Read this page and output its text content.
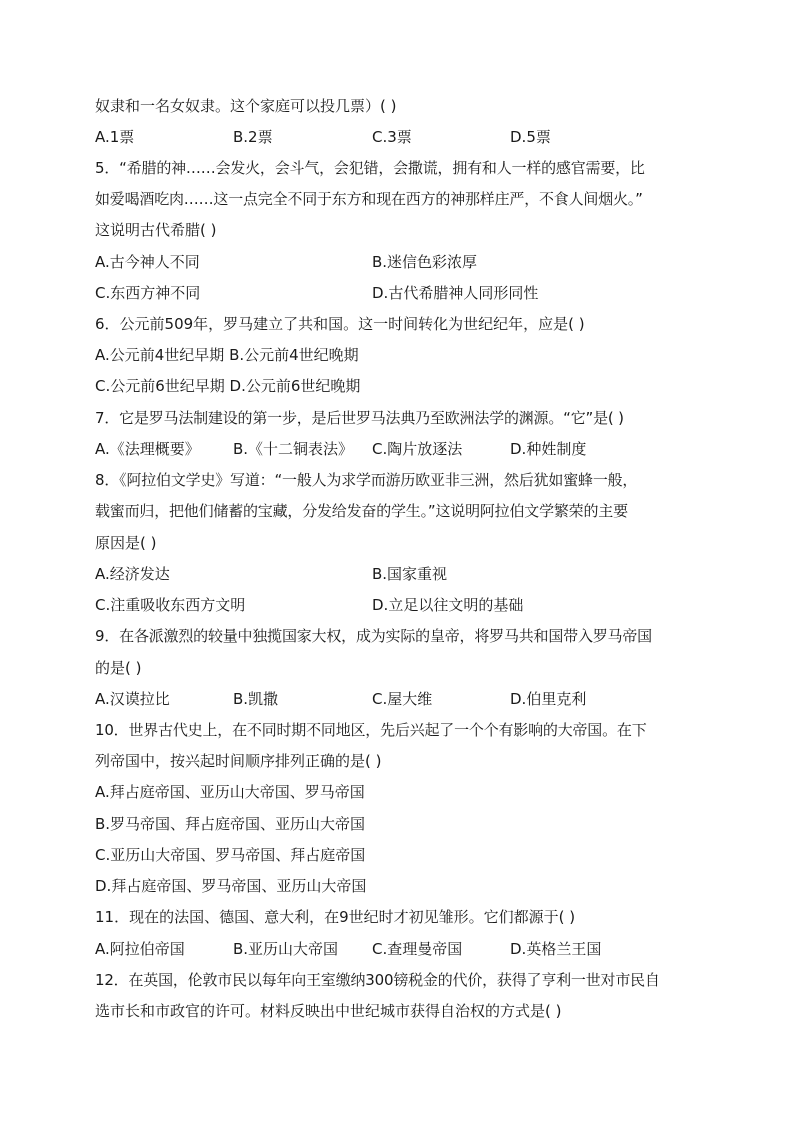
奴隶和一名女奴隶。这个家庭可以投几票）( )
A.1票	B.2票	C.3票	D.5票
5．“希腊的神……会发火，会斗气，会犯错，会撒谎，拥有和人一样的感官需要，比
如爱喝酒吃肉……这一点完全不同于东方和现在西方的神那样庄严，不食人间烟火。”
这说明古代希腊( )
A.古今神人不同	B.迷信色彩浓厚
C.东西方神不同	D.古代希腊神人同形同性
6．公元前509年，罗马建立了共和国。这一时间转化为世纪纪年，应是( )
A.公元前4世纪早期 B.公元前4世纪晚期
C.公元前6世纪早期 D.公元前6世纪晚期
7．它是罗马法制建设的第一步，是后世罗马法典乃至欧洲法学的渊源。“它”是( )
A.《法理概要》 B.《十二铜表法》 C.陶片放逐法	D.种姓制度
8．《阿拉伯文学史》写道：“一般人为求学而游历欧亚非三洲，然后犹如蜜蜂一般，
载蜜而归，把他们储蓄的宝藏，分发给发奋的学生。”这说明阿拉伯文学繁荣的主要
原因是( )
A.经济发达	B.国家重视
C.注重吸收东西方文明	D.立足以往文明的基础
9．在各派激烈的较量中独揽国家大权，成为实际的皇帝，将罗马共和国带入罗马帝国
的是( )
A.汉谟拉比	B.凯撒	C.屋大维	D.伯里克利
10．世界古代史上，在不同时期不同地区，先后兴起了一个个有影响的大帝国。在下
列帝国中，按兴起时间顺序排列正确的是( )
A.拜占庭帝国、亚历山大帝国、罗马帝国
B.罗马帝国、拜占庭帝国、亚历山大帝国
C.亚历山大帝国、罗马帝国、拜占庭帝国
D.拜占庭帝国、罗马帝国、亚历山大帝国
11．现在的法国、德国、意大利，在9世纪时才初见雏形。它们都源于( )
A.阿拉伯帝国	B.亚历山大帝国 C.查理曼帝国	D.英格兰王国
12．在英国，伦敦市民以每年向王室缴纳300镑税金的代价，获得了亨利一世对市民自
选市长和市政官的许可。材料反映出中世纪城市获得自治权的方式是( )
